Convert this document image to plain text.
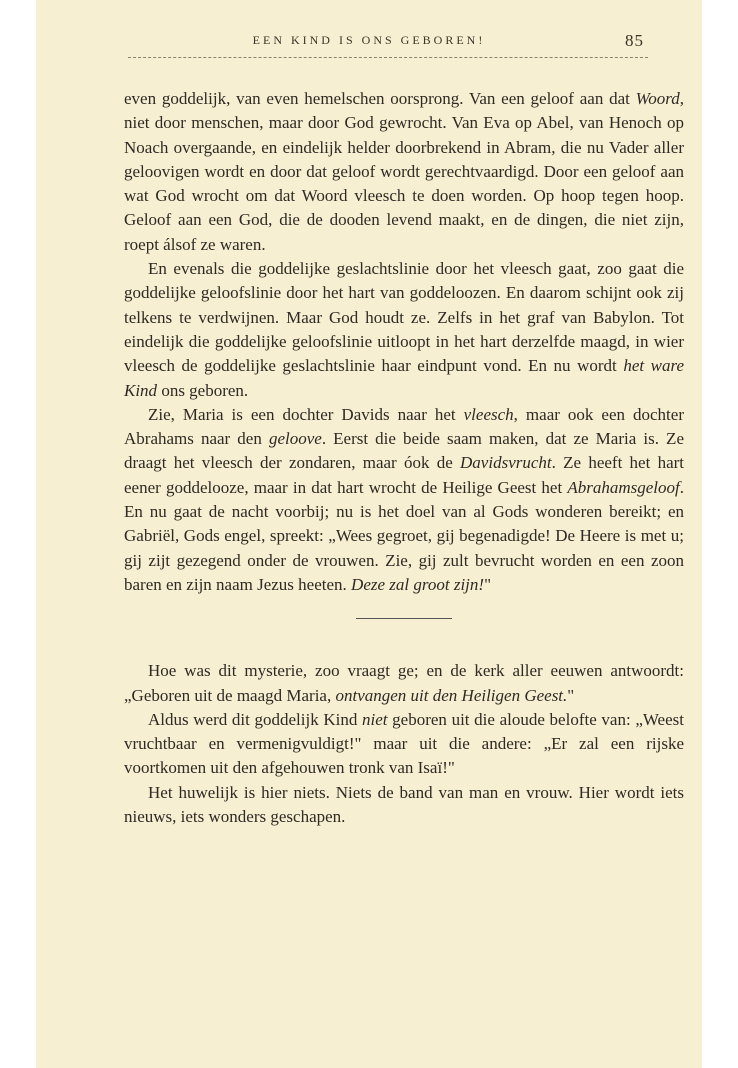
EEN KIND IS ONS GEBOREN!	85

even goddelijk, van even hemelschen oorsprong. Van een geloof aan dat Woord, niet door menschen, maar door God gewrocht. Van Eva op Abel, van Henoch op Noach overgaande, en eindelijk helder doorbrekend in Abram, die nu Vader aller geloovigen wordt en door dat geloof wordt gerechtvaardigd. Door een geloof aan wat God wrocht om dat Woord vleesch te doen worden. Op hoop tegen hoop. Geloof aan een God, die de dooden levend maakt, en de dingen, die niet zijn, roept álsof ze waren.

En evenals die goddelijke geslachtslinie door het vleesch gaat, zoo gaat die goddelijke geloofslinie door het hart van goddeloozen. En daarom schijnt ook zij telkens te verdwijnen. Maar God houdt ze. Zelfs in het graf van Babylon. Tot eindelijk die goddelijke geloofslinie uitloopt in het hart derzelfde maagd, in wier vleesch de goddelijke geslachtslinie haar eindpunt vond. En nu wordt het ware Kind ons geboren.

Zie, Maria is een dochter Davids naar het vleesch, maar ook een dochter Abrahams naar den geloove. Eerst die beide saam maken, dat ze Maria is. Ze draagt het vleesch der zondaren, maar óok de Davidsvrucht. Ze heeft het hart eener goddelooze, maar in dat hart wrocht de Heilige Geest het Abrahamsgeloof. En nu gaat de nacht voorbij; nu is het doel van al Gods wonderen bereikt; en Gabriël, Gods engel, spreekt: „Wees gegroet, gij begenadigde! De Heere is met u; gij zijt gezegend onder de vrouwen. Zie, gij zult bevrucht worden en een zoon baren en zijn naam Jezus heeten. Deze zal groot zijn!"

Hoe was dit mysterie, zoo vraagt ge; en de kerk aller eeuwen antwoordt: „Geboren uit de maagd Maria, ontvangen uit den Heiligen Geest."

Aldus werd dit goddelijk Kind niet geboren uit die aloude belofte van: „Weest vruchtbaar en vermenigvuldigt!" maar uit die andere: „Er zal een rijske voortkomen uit den afgehouwen tronk van Isaï!"

Het huwelijk is hier niets. Niets de band van man en vrouw. Hier wordt iets nieuws, iets wonders geschapen.
